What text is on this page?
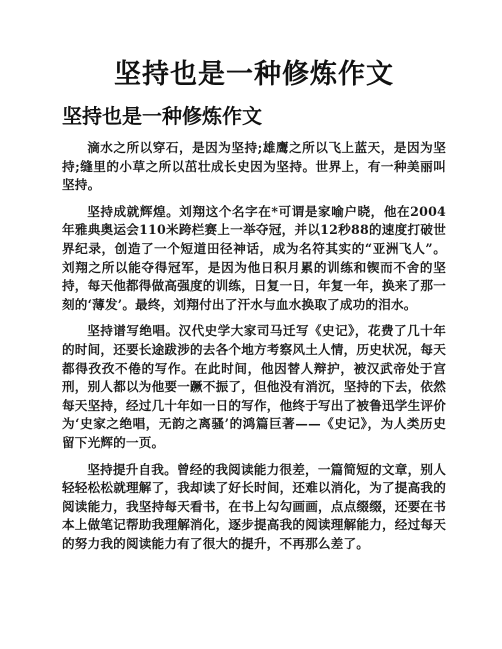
坚持也是一种修炼作文
坚持也是一种修炼作文

滴水之所以穿石，是因为坚持;雄鹰之所以飞上蓝天，是因为坚持;缝里的小草之所以茁壮成长史因为坚持。世界上，有一种美丽叫坚持。

坚持成就辉煌。刘翔这个名字在*可谓是家喻户晓，他在2004年雅典奥运会110米跨栏赛上一举夺冠，并以12秒88的速度打破世界纪录，创造了一个短道田径神话，成为名符其实的“亚洲飞人”。刘翔之所以能夺得冠军，是因为他日积月累的训练和锲而不舍的坚持，每天他都得做高强度的训练，日复一日，年复一年，换来了那一刻的‘薄发’。最终，刘翔付出了汗水与血水换取了成功的泪水。

坚持谱写绝唱。汉代史学大家司马迁写《史记》，花费了几十年的时间，还要长途跋涉的去各个地方考察风土人情，历史状况，每天都得孜孜不倦的写作。在此时间，他因替人辩护，被汉武帝处于宫刑，别人都以为他要一蹶不振了，但他没有消沉，坚持的下去，依然每天坚持，经过几十年如一日的写作，他终于写出了被鲁迅学生评价为‘史家之绝唱，无韵之离骚’的鸿篇巨著——《史记》，为人类历史留下光辉的一页。

坚持提升自我。曾经的我阅读能力很差，一篇简短的文章，别人轻轻松松就理解了，我却读了好长时间，还难以消化，为了提高我的阅读能力，我坚持每天看书，在书上勾勾画画，点点缀缀，还要在书本上做笔记帮助我理解消化，逐步提高我的阅读理解能力，经过每天的努力我的阅读能力有了很大的提升，不再那么差了。
